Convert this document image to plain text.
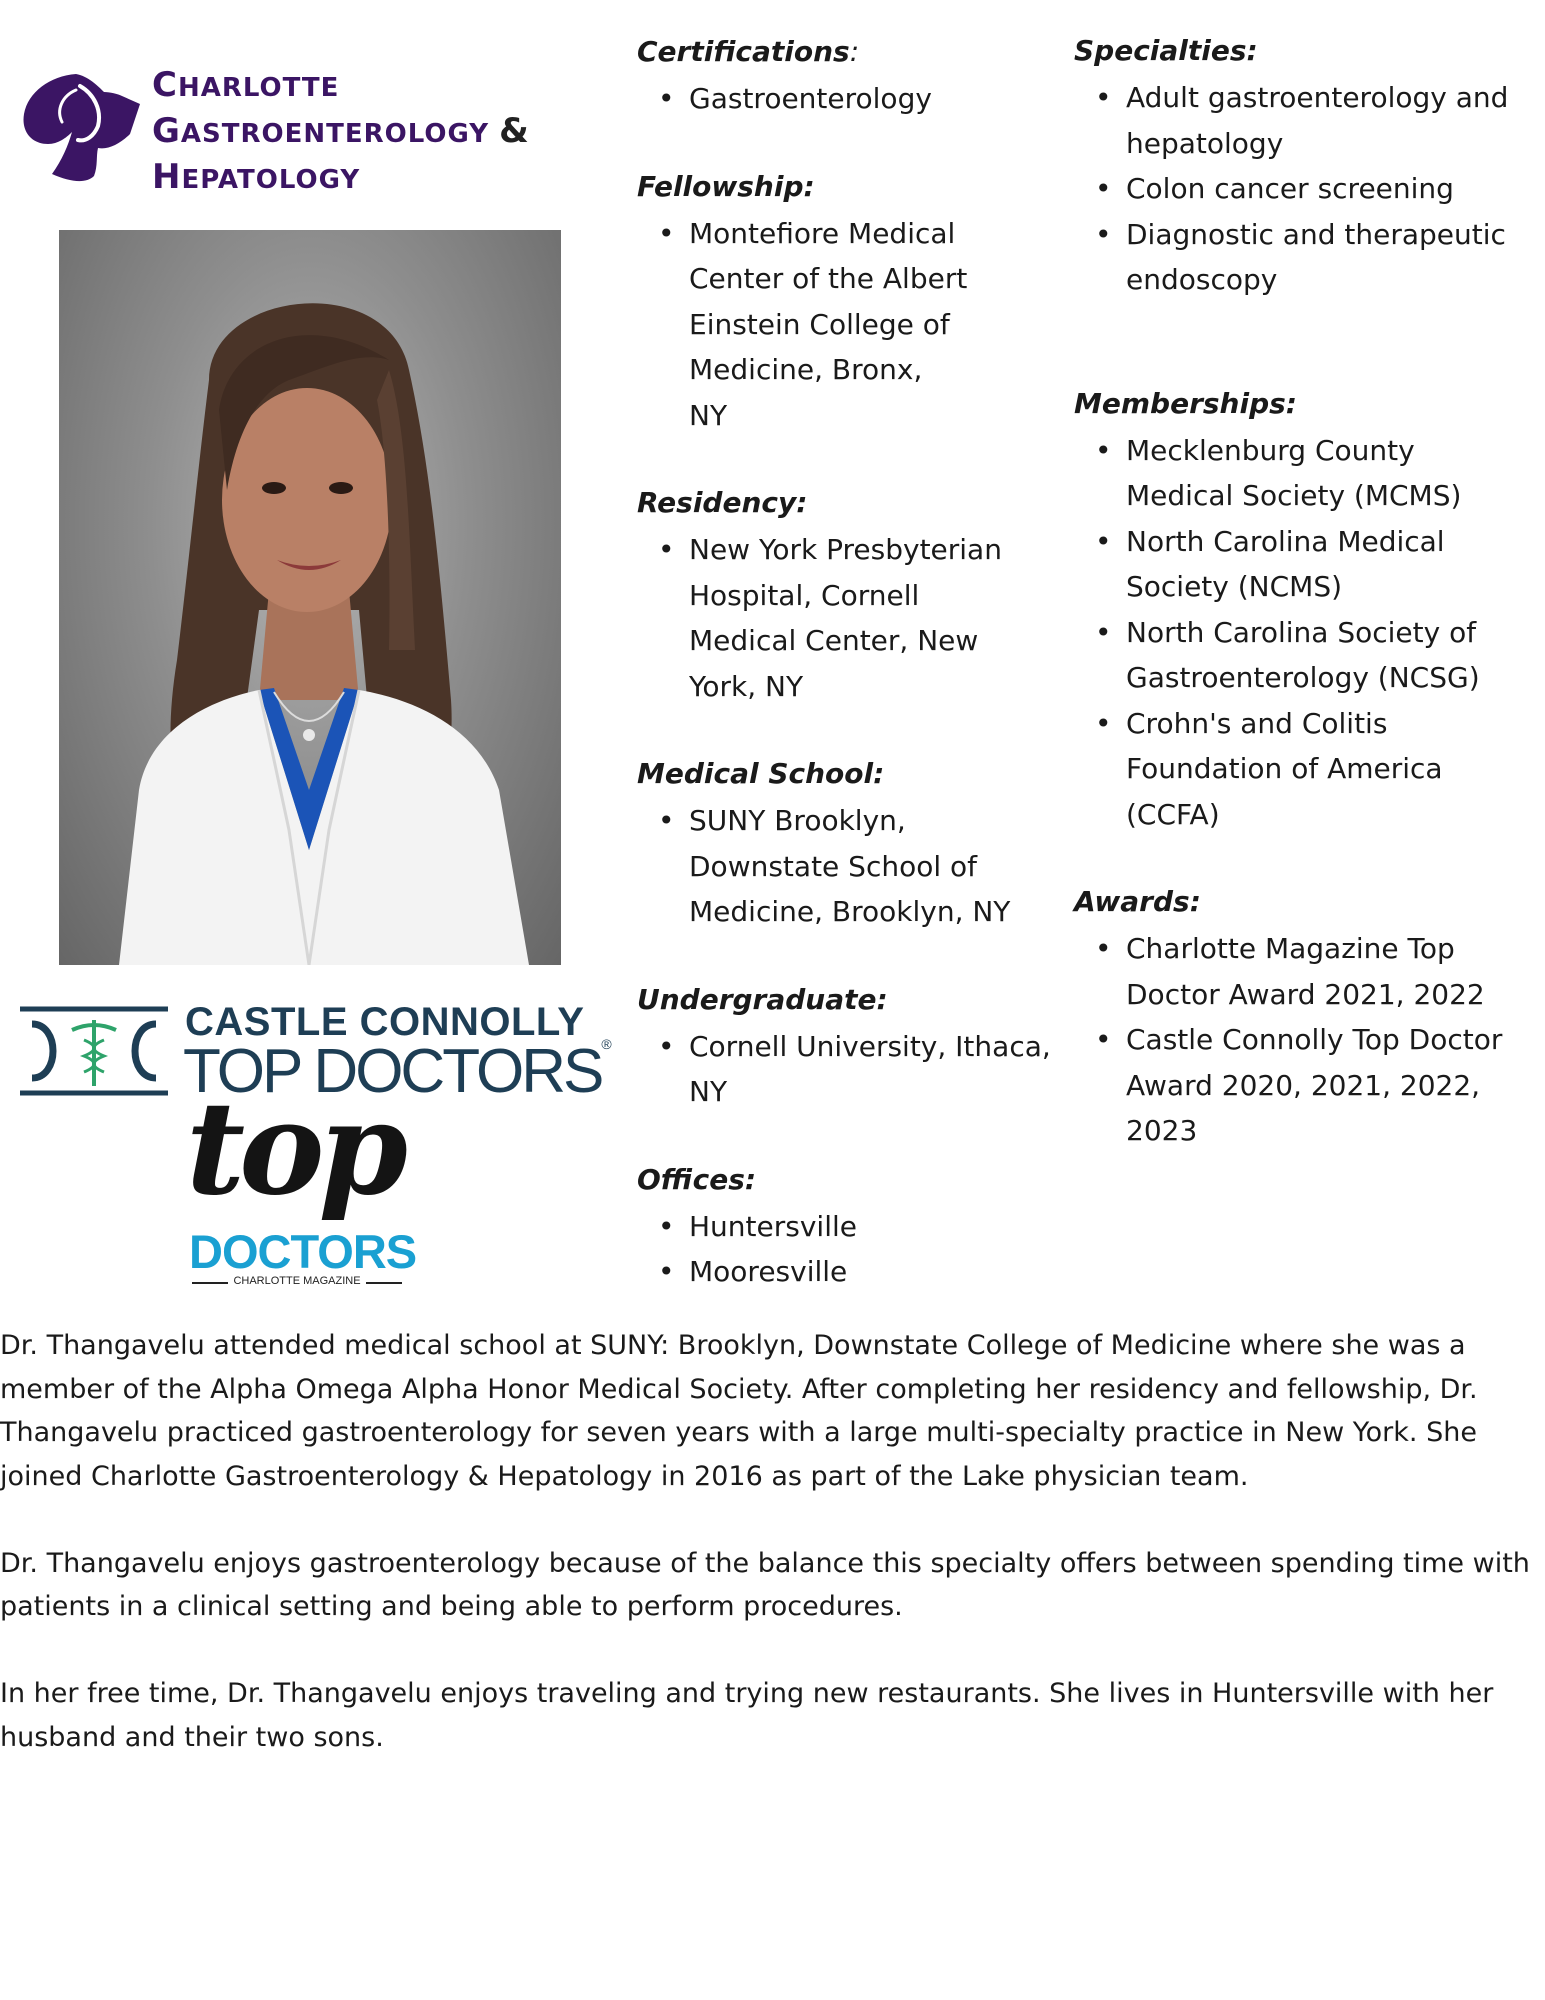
CHARLOTTE
GASTROENTEROLOGY &
HEPATOLOGY
CASTLE CONNOLLY
TOP DOCTORS®
top
DOCTORS
CHARLOTTE MAGAZINE
Certifications:
• Gastroenterology
Fellowship:
• Montefiore Medical Center of the Albert Einstein College of Medicine, Bronx, NY
Residency:
• New York Presbyterian Hospital, Cornell Medical Center, New York, NY
Medical School:
• SUNY Brooklyn, Downstate School of Medicine, Brooklyn, NY
Undergraduate:
• Cornell University, Ithaca, NY
Offices:
• Huntersville
• Mooresville
Specialties:
• Adult gastroenterology and hepatology
• Colon cancer screening
• Diagnostic and therapeutic endoscopy
Memberships:
• Mecklenburg County Medical Society (MCMS)
• North Carolina Medical Society (NCMS)
• North Carolina Society of Gastroenterology (NCSG)
• Crohn's and Colitis Foundation of America (CCFA)
Awards:
• Charlotte Magazine Top Doctor Award 2021, 2022
• Castle Connolly Top Doctor Award 2020, 2021, 2022, 2023

Dr. Thangavelu attended medical school at SUNY: Brooklyn, Downstate College of Medicine where she was a member of the Alpha Omega Alpha Honor Medical Society. After completing her residency and fellowship, Dr. Thangavelu practiced gastroenterology for seven years with a large multi-specialty practice in New York. She joined Charlotte Gastroenterology & Hepatology in 2016 as part of the Lake physician team.

Dr. Thangavelu enjoys gastroenterology because of the balance this specialty offers between spending time with patients in a clinical setting and being able to perform procedures.

In her free time, Dr. Thangavelu enjoys traveling and trying new restaurants. She lives in Huntersville with her husband and their two sons.
